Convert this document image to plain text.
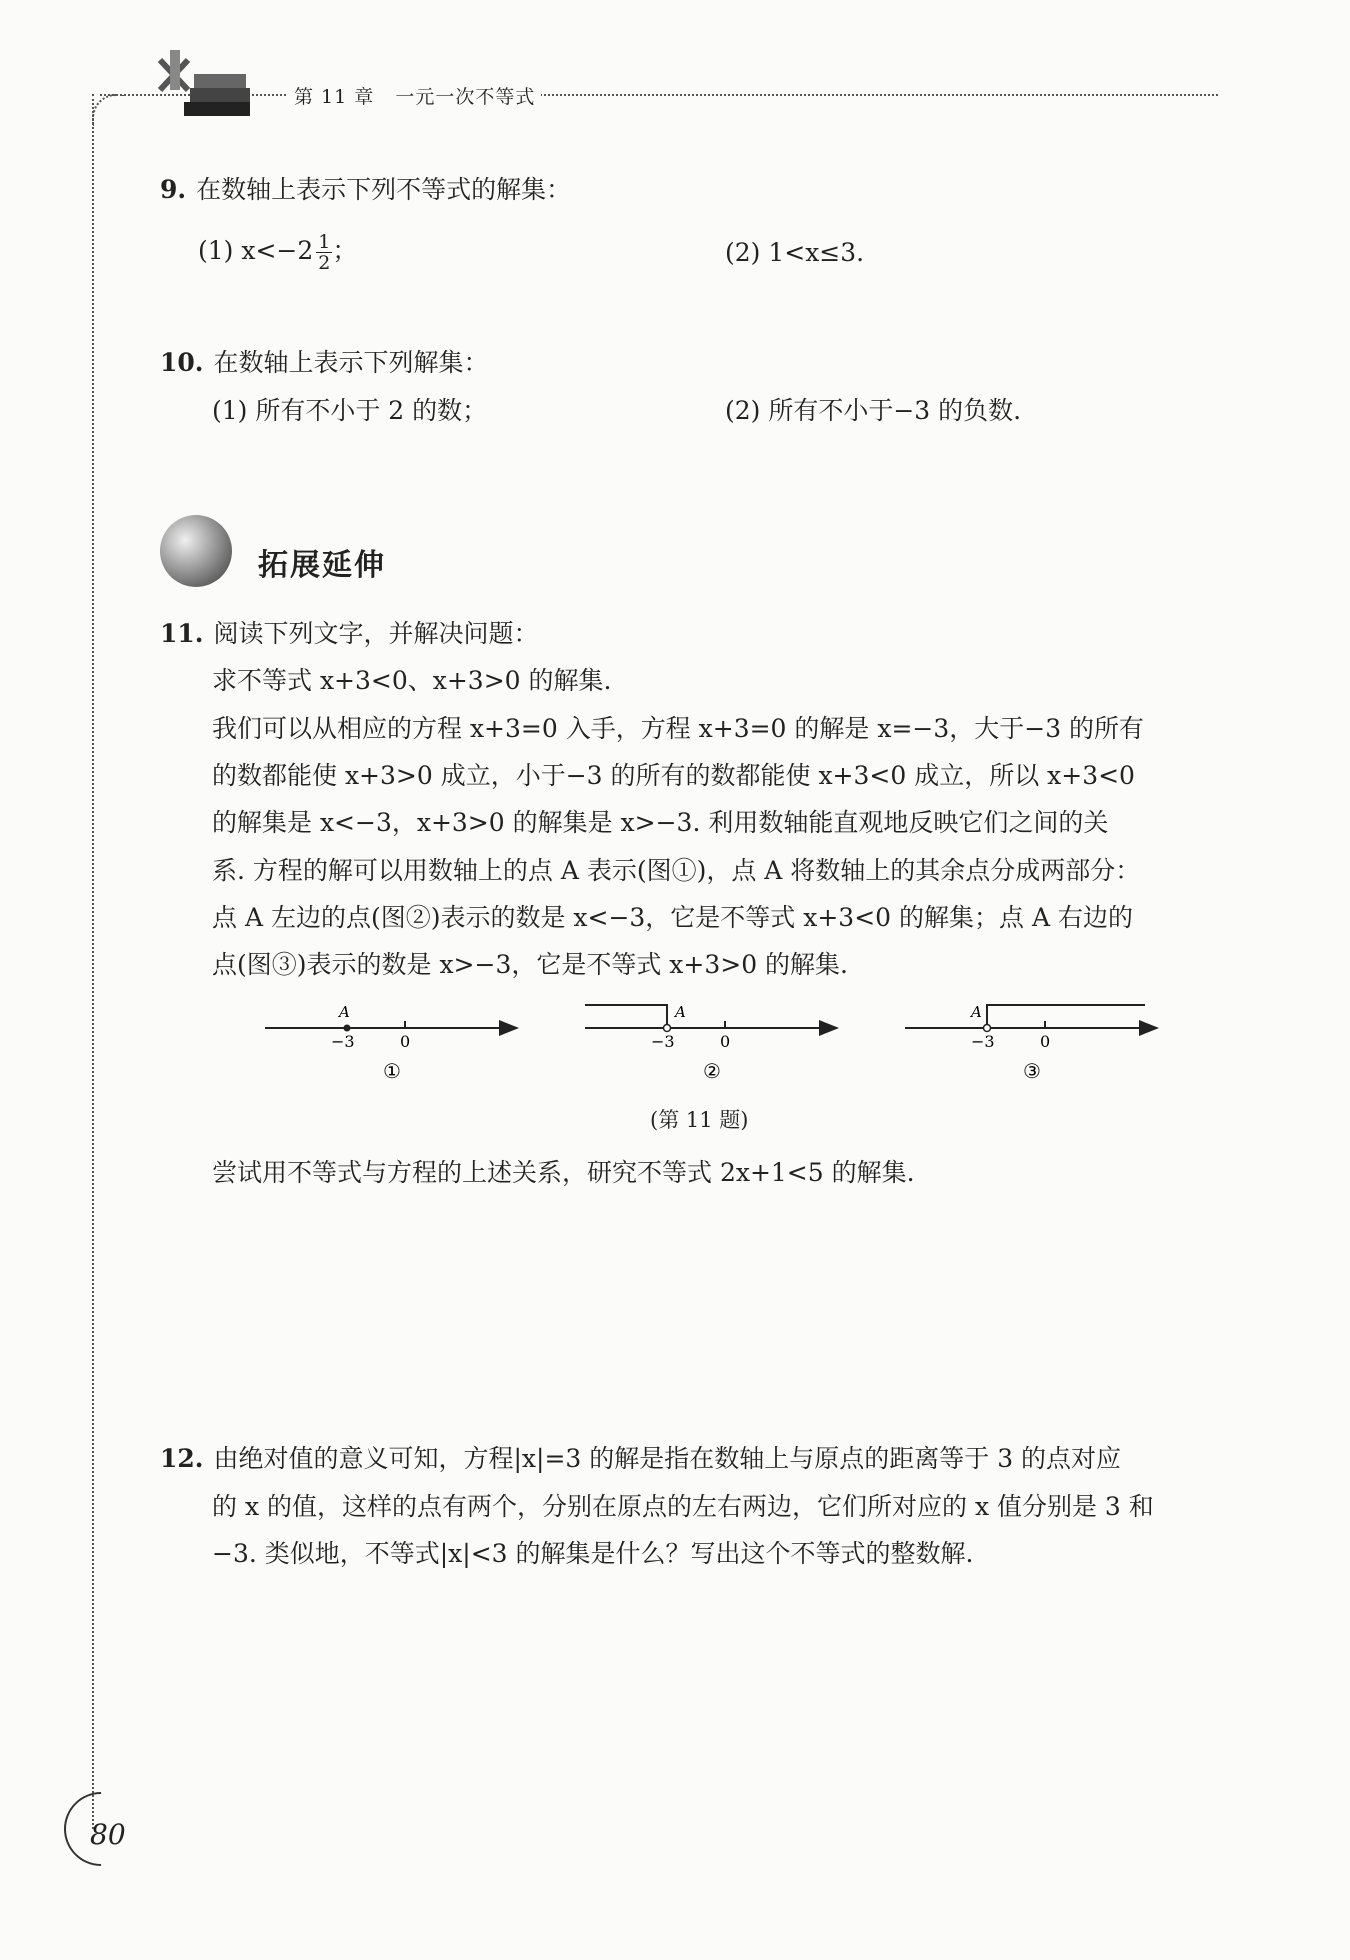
第 11 章 一元一次不等式
9. 在数轴上表示下列不等式的解集：
(1) $x<-2 \frac{1}{2}$ ；	(2) 1<x≤3.
10. 在数轴上表示下列解集：
(1) 所有不小于 2 的数；	(2) 所有不小于−3 的负数.
拓展延伸
11. 阅读下列文字，并解决问题：
求不等式 x+3<0、x+3>0 的解集.
我们可以从相应的方程 x+3=0 入手，方程 x+3=0 的解是 x=−3，大于−3 的所有
的数都能使 x+3>0 成立，小于−3 的所有的数都能使 x+3<0 成立，所以 x+3<0
的解集是 x<−3，x+3>0 的解集是 x>−3. 利用数轴能直观地反映它们之间的关
系. 方程的解可以用数轴上的点 A 表示(图①)，点 A 将数轴上的其余点分成两部分：
点 A 左边的点(图②)表示的数是 x<−3，它是不等式 x+3<0 的解集；点 A 右边的
点(图③)表示的数是 x>−3，它是不等式 x+3>0 的解集.
A
−3	0
①
A
−3	0
②
A
−3	0
③
(第 11 题)
尝试用不等式与方程的上述关系，研究不等式 2x+1<5 的解集.
12. 由绝对值的意义可知，方程|x|=3 的解是指在数轴上与原点的距离等于 3 的点对应
的 x 的值，这样的点有两个，分别在原点的左右两边，它们所对应的 x 值分别是 3 和
−3. 类似地，不等式|x|<3 的解集是什么？写出这个不等式的整数解.
80
